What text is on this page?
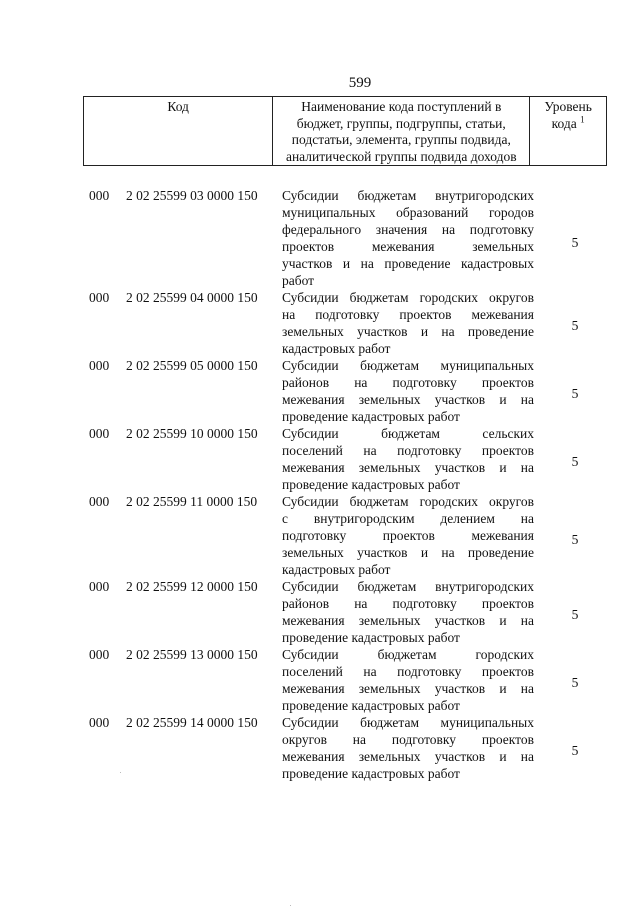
599
Код	Наименование кода поступлений в
бюджет, группы, подгруппы, статьи,
подстатьи, элемента, группы подвида,
аналитической группы подвида доходов
Уровень
кода $^1$
000 2 02 25599 03 0000 150 Субсидии бюджетам внутригородских
муниципальных образований городов
федерального значения на подготовку
проектов межевания земельных
участков и на проведение кадастровых
работ
5
000 2 02 25599 04 0000 150 Субсидии бюджетам городских округов
на подготовку проектов межевания
земельных участков и на проведение
кадастровых работ
5
000 2 02 25599 05 0000 150 Субсидии бюджетам муниципальных
районов на подготовку проектов
межевания земельных участков и на
проведение кадастровых работ
5
000 2 02 25599 10 0000 150 Субсидии бюджетам сельских
поселений на подготовку проектов
межевания земельных участков и на
проведение кадастровых работ
5
000 2 02 25599 11 0000 150 Субсидии бюджетам городских округов
с внутригородским делением на
подготовку проектов межевания
земельных участков и на проведение
кадастровых работ
5
000 2 02 25599 12 0000 150 Субсидии бюджетам внутригородских
районов на подготовку проектов
межевания земельных участков и на
проведение кадастровых работ
5
000 2 02 25599 13 0000 150 Субсидии бюджетам городских
поселений на подготовку проектов
межевания земельных участков и на
проведение кадастровых работ
5
000 2 02 25599 14 0000 150 Субсидии бюджетам муниципальных
округов на подготовку проектов
межевания земельных участков и на
проведение кадастровых работ
5
